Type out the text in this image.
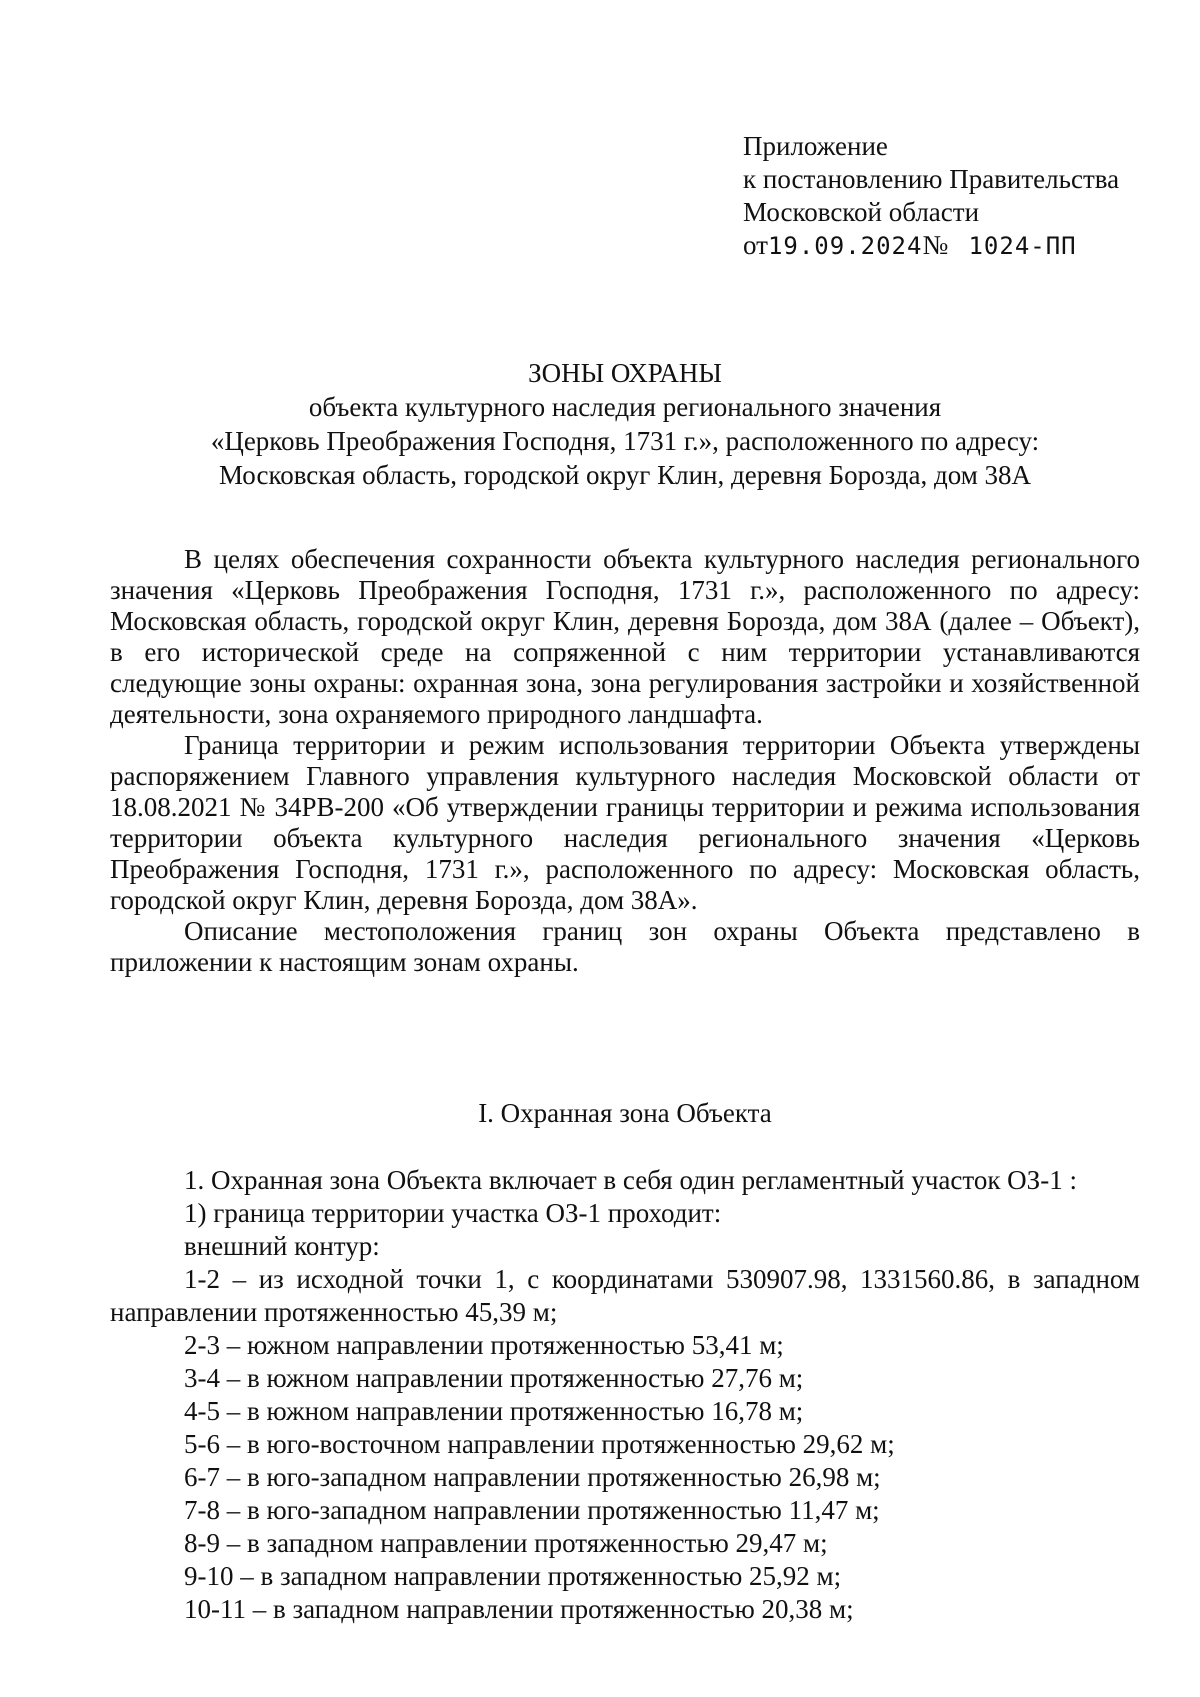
Приложение
к постановлению Правительства
Московской области
от19.09.2024№ 1024-ПП
ЗОНЫ ОХРАНЫ
объекта культурного наследия регионального значения
«Церковь Преображения Господня, 1731 г.», расположенного по адресу:
Московская область, городской округ Клин, деревня Борозда, дом 38А

В целях обеспечения сохранности объекта культурного наследия регионального значения «Церковь Преображения Господня, 1731 г.», расположенного по адресу: Московская область, городской округ Клин, деревня Борозда, дом 38А (далее – Объект), в его исторической среде на сопряженной с ним территории устанавливаются следующие зоны охраны: охранная зона, зона регулирования застройки и хозяйственной деятельности, зона охраняемого природного ландшафта.

Граница территории и режим использования территории Объекта утверждены распоряжением Главного управления культурного наследия Московской области от 18.08.2021 № 34РВ-200 «Об утверждении границы территории и режима использования территории объекта культурного наследия регионального значения «Церковь Преображения Господня, 1731 г.», расположенного по адресу: Московская область, городской округ Клин, деревня Борозда, дом 38А».

Описание местоположения границ зон охраны Объекта представлено в приложении к настоящим зонам охраны.

I. Охранная зона Объекта
1. Охранная зона Объекта включает в себя один регламентный участок ОЗ-1 :
1) граница территории участка ОЗ-1 проходит:
внешний контур:
1-2 – из исходной точки 1, с координатами 530907.98, 1331560.86, в западном направлении протяженностью 45,39 м;
2-3 – южном направлении протяженностью 53,41 м;
3-4 – в южном направлении протяженностью 27,76 м;
4-5 – в южном направлении протяженностью 16,78 м;
5-6 – в юго-восточном направлении протяженностью 29,62 м;
6-7 – в юго-западном направлении протяженностью 26,98 м;
7-8 – в юго-западном направлении протяженностью 11,47 м;
8-9 – в западном направлении протяженностью 29,47 м;
9-10 – в западном направлении протяженностью 25,92 м;
10-11 – в западном направлении протяженностью 20,38 м;
